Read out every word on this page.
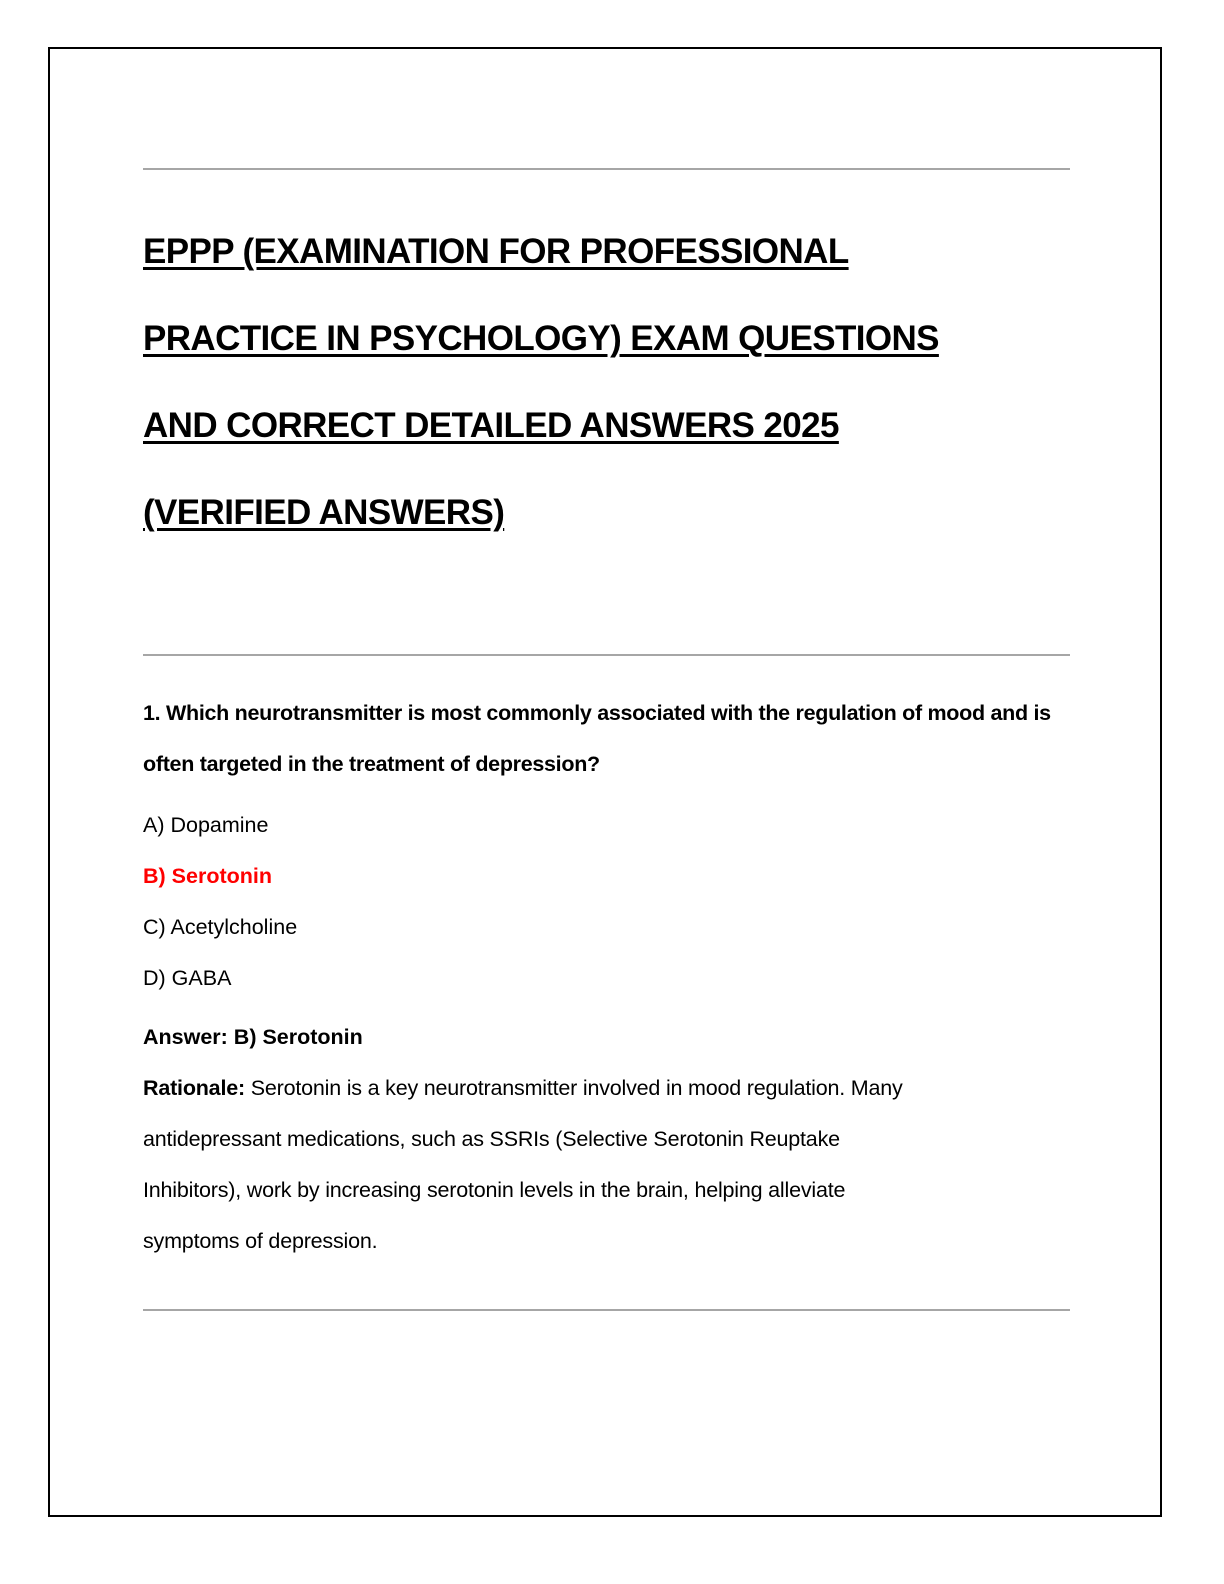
EPPP (EXAMINATION FOR PROFESSIONAL
PRACTICE IN PSYCHOLOGY) EXAM QUESTIONS
AND CORRECT DETAILED ANSWERS 2025
(VERIFIED ANSWERS)

1. Which neurotransmitter is most commonly associated with the regulation of mood and is often targeted in the treatment of depression?

A) Dopamine
B) Serotonin
C) Acetylcholine
D) GABA

Answer: B) Serotonin

Rationale: Serotonin is a key neurotransmitter involved in mood regulation. Many
antidepressant medications, such as SSRIs (Selective Serotonin Reuptake
Inhibitors), work by increasing serotonin levels in the brain, helping alleviate
symptoms of depression.
